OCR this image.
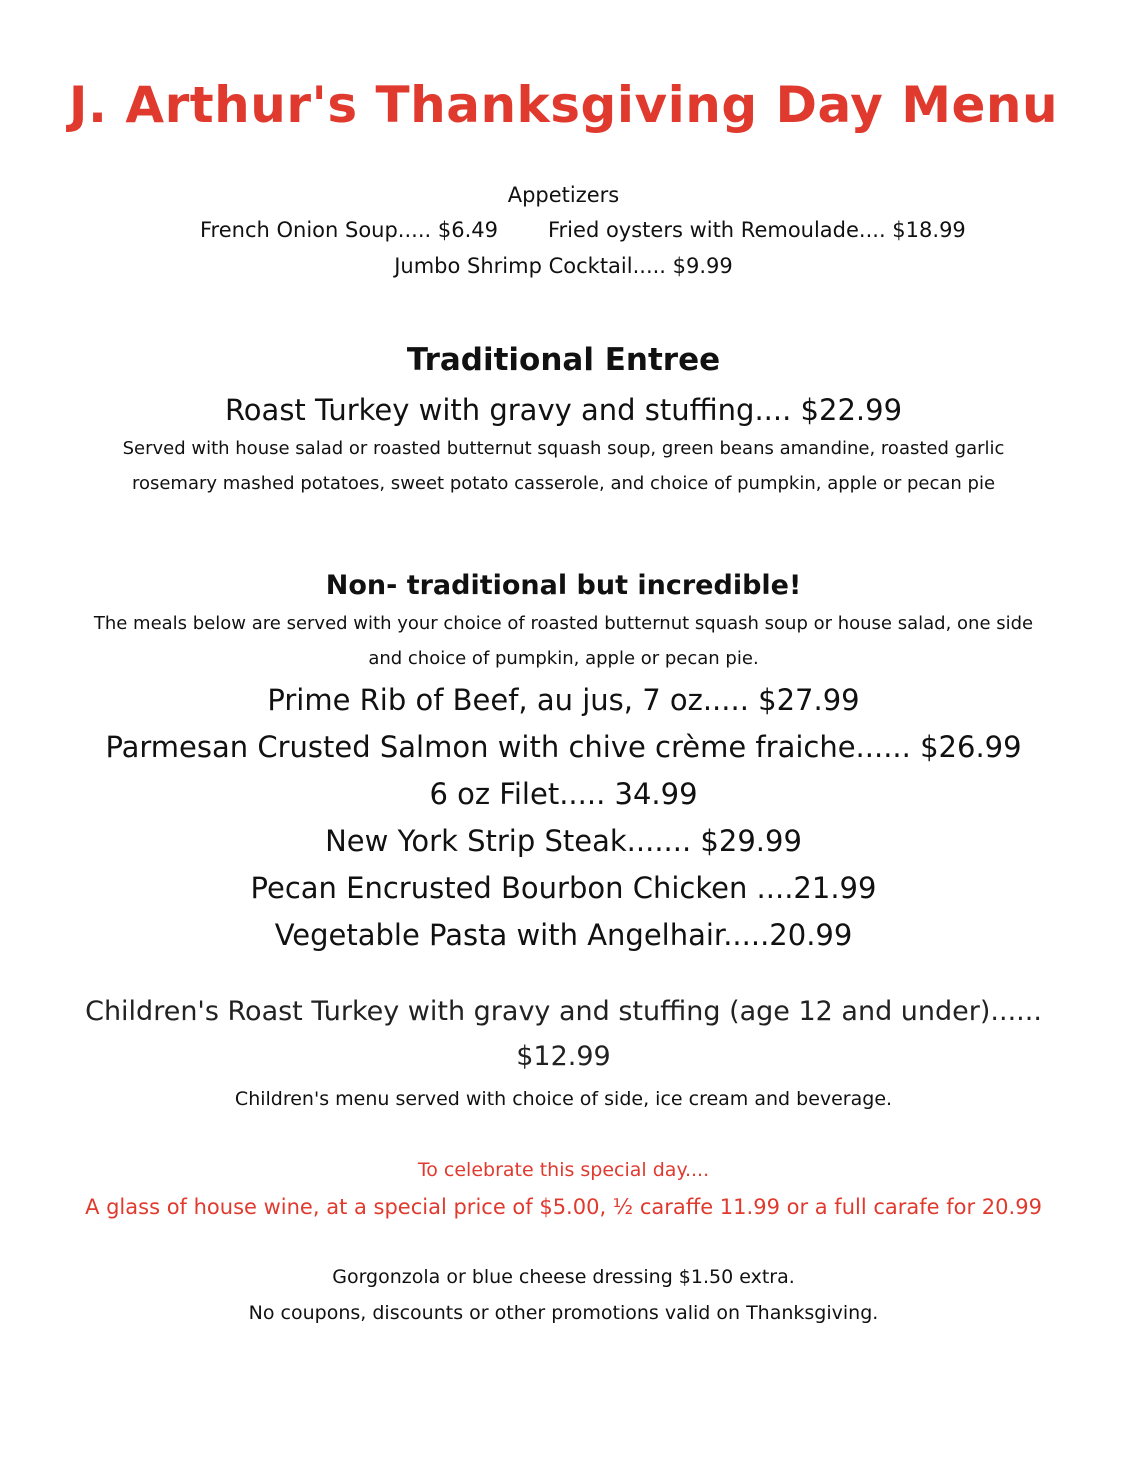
J. Arthur's Thanksgiving Day Menu

Appetizers

French Onion Soup..... $6.49 Fried oysters with Remoulade.... $18.99

Jumbo Shrimp Cocktail..... $9.99

Traditional Entree

Roast Turkey with gravy and stuffing.... $22.99

Served with house salad or roasted butternut squash soup, green beans amandine, roasted garlic

rosemary mashed potatoes, sweet potato casserole, and choice of pumpkin, apple or pecan pie

Non- traditional but incredible!

The meals below are served with your choice of roasted butternut squash soup or house salad, one side

and choice of pumpkin, apple or pecan pie.

Prime Rib of Beef, au jus, 7 oz..... $27.99

Parmesan Crusted Salmon with chive crème fraiche...... $26.99

6 oz Filet..... 34.99

New York Strip Steak....... $29.99

Pecan Encrusted Bourbon Chicken ....21.99

Vegetable Pasta with Angelhair.....20.99

Children's Roast Turkey with gravy and stuffing (age 12 and under)......

$12.99

Children's menu served with choice of side, ice cream and beverage.

To celebrate this special day....

A glass of house wine, at a special price of $5.00, ½ caraffe 11.99 or a full carafe for 20.99

Gorgonzola or blue cheese dressing $1.50 extra.

No coupons, discounts or other promotions valid on Thanksgiving.
